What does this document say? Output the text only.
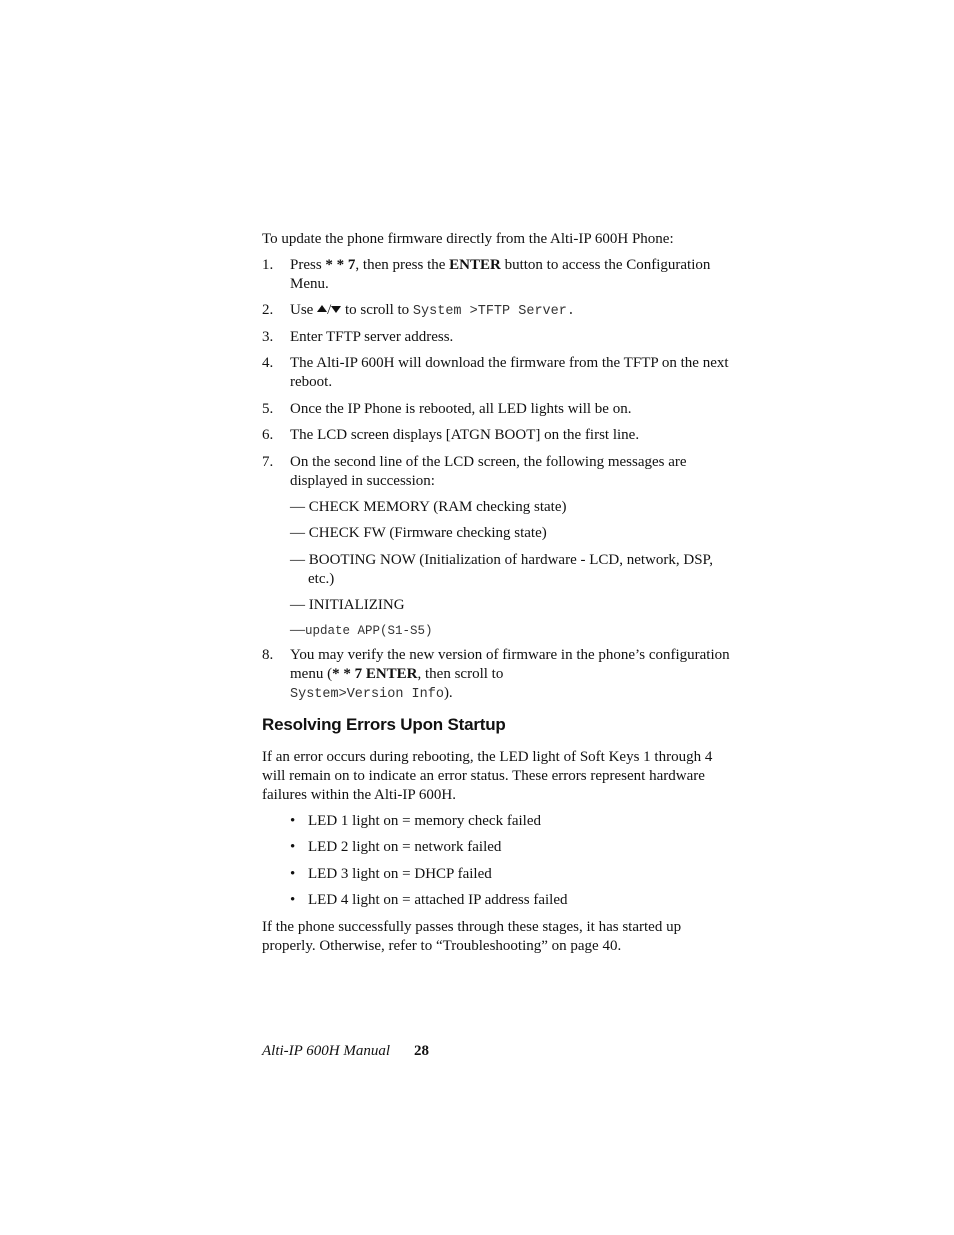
To update the phone firmware directly from the Alti-IP 600H Phone:
1.	Press * * 7, then press the ENTER button to access the Configuration Menu.
2.	Use / to scroll to System >TFTP Server.
3.	Enter TFTP server address.
4.	The Alti-IP 600H will download the firmware from the TFTP on the next reboot.
5.	Once the IP Phone is rebooted, all LED lights will be on.
6.	The LCD screen displays [ATGN BOOT] on the first line.
7.	On the second line of the LCD screen, the following messages are displayed in succession:
— CHECK MEMORY (RAM checking state)
— CHECK FW (Firmware checking state)
— BOOTING NOW (Initialization of hardware - LCD, network, DSP, etc.)
— INITIALIZING
—update APP(S1-S5)
8.	You may verify the new version of firmware in the phone’s configuration menu (* * 7 ENTER, then scroll to
System>Version Info).
Resolving Errors Upon Startup
If an error occurs during rebooting, the LED light of Soft Keys 1 through 4 will remain on to indicate an error status. These errors represent hardware failures within the Alti-IP 600H.
• LED 1 light on = memory check failed
• LED 2 light on = network failed
• LED 3 light on = DHCP failed
• LED 4 light on = attached IP address failed
If the phone successfully passes through these stages, it has started up properly. Otherwise, refer to “Troubleshooting” on page 40.
Alti-IP 600H Manual 28
